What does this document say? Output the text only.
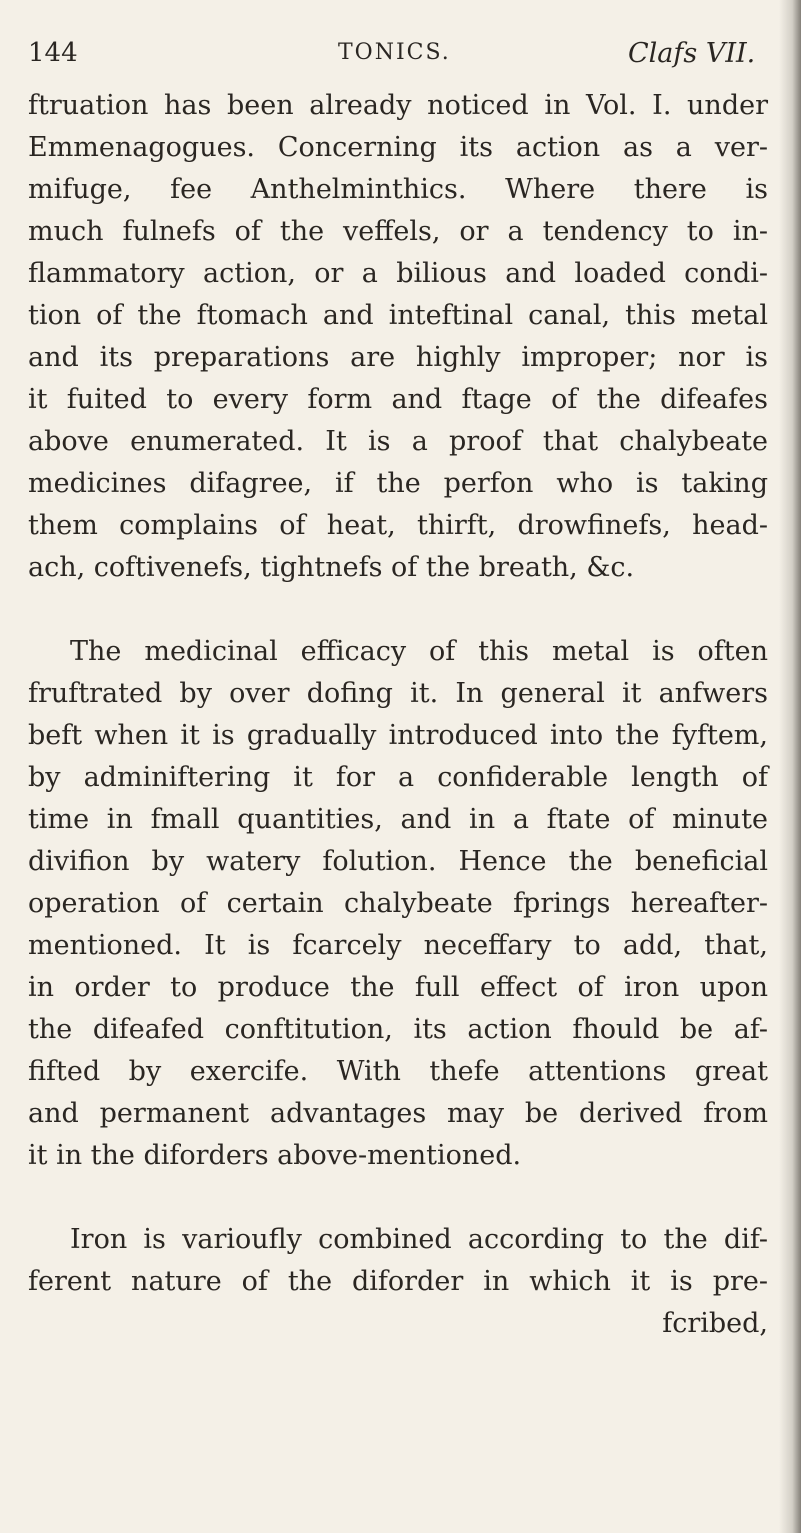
144	TONICS.	Clafs VII.
ftruation has been already noticed in Vol. I. under
Emmenagogues. Concerning its action as a ver-
mifuge, fee Anthelminthics. Where there is
much fulnefs of the veffels, or a tendency to in-
flammatory action, or a bilious and loaded condi-
tion of the ftomach and inteftinal canal, this metal
and its preparations are highly improper; nor is
it fuited to every form and ftage of the difeafes
above enumerated. It is a proof that chalybeate
medicines difagree, if the perfon who is taking
them complains of heat, thirft, drowfinefs, head-
ach, coftivenefs, tightnefs of the breath, &c.
The medicinal efficacy of this metal is often
fruftrated by over dofing it. In general it anfwers
beft when it is gradually introduced into the fyftem,
by adminiftering it for a confiderable length of
time in fmall quantities, and in a ftate of minute
divifion by watery folution. Hence the beneficial
operation of certain chalybeate fprings hereafter-
mentioned. It is fcarcely neceffary to add, that,
in order to produce the full effect of iron upon
the difeafed conftitution, its action fhould be af-
fifted by exercife. With thefe attentions great
and permanent advantages may be derived from
it in the diforders above-mentioned.
Iron is varioufly combined according to the dif-
ferent nature of the diforder in which it is pre-
fcribed,
